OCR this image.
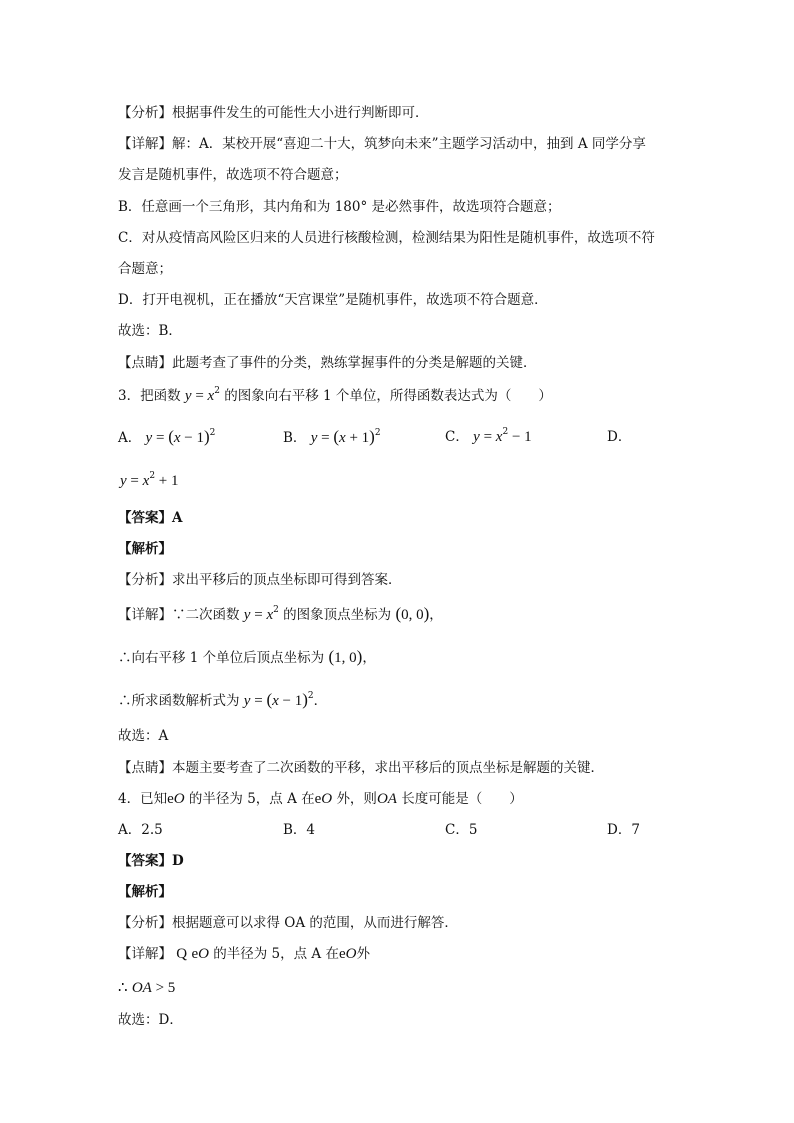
【分析】根据事件发生的可能性大小进行判断即可．
【详解】解：A．某校开展“喜迎二十大，筑梦向未来”主题学习活动中，抽到 A 同学分享
发言是随机事件，故选项不符合题意；
B．任意画一个三角形，其内角和为 180° 是必然事件，故选项符合题意；
C．对从疫情高风险区归来的人员进行核酸检测，检测结果为阳性是随机事件，故选项不符
合题意；
D．打开电视机，正在播放“天宫课堂”是随机事件，故选项不符合题意．
故选：B．
【点睛】此题考查了事件的分类，熟练掌握事件的分类是解题的关键．
3．把函数 $y = x^2$ 的图象向右平移 1 个单位，所得函数表达式为（　　）
A． $y = (x - 1)^2$	B． $y = (x + 1)^2$	C． $y = x^2 - 1$	D．
$y = x^2 + 1$
【答案】A
【解析】
【分析】求出平移后的顶点坐标即可得到答案．
【详解】∵二次函数 $y = x^2$ 的图象顶点坐标为 (0, 0)，
∴向右平移 1 个单位后顶点坐标为 (1, 0)，
∴所求函数解析式为 $y = (x - 1)^2$．
故选：A
【点睛】本题主要考查了二次函数的平移，求出平移后的顶点坐标是解题的关键．
4．已知eO 的半径为 5，点 A 在eO 外，则OA 长度可能是（　　）
A．2.5	B．4	C．5	D．7
【答案】D
【解析】
【分析】根据题意可以求得 OA 的范围，从而进行解答．
【详解】 Q eO 的半径为 5，点 A 在eO外
∴ OA > 5
故选：D．
